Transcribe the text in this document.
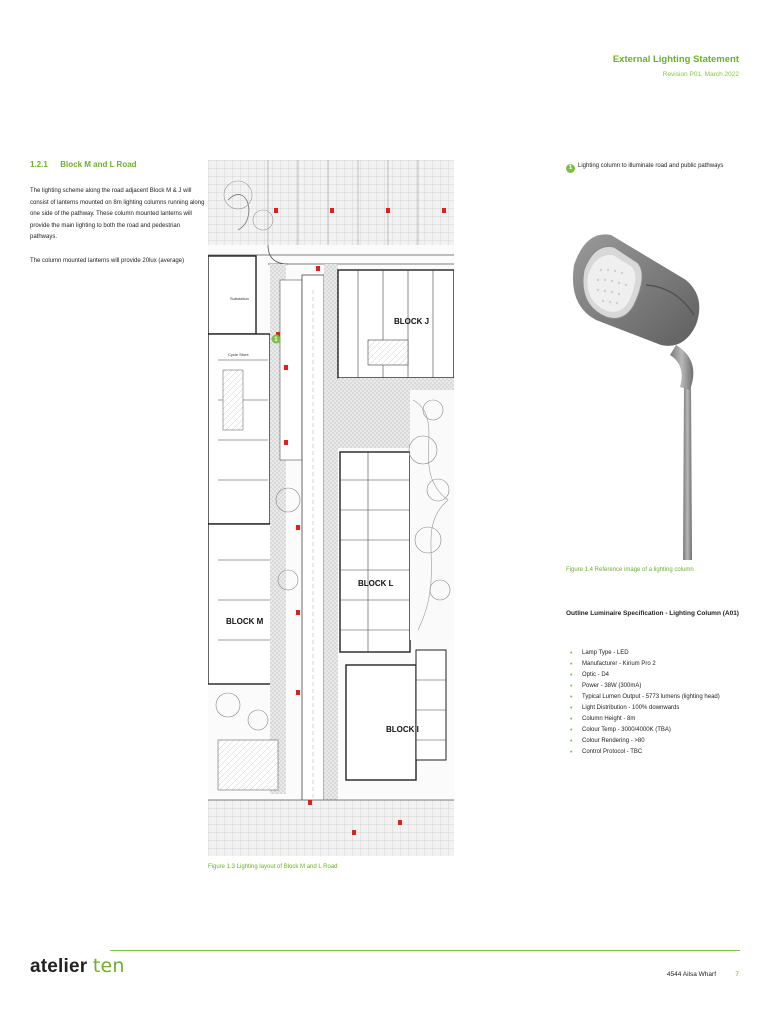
External Lighting Statement
Revision P01, March 2022
1.2.1 Block M and L Road

The lighting scheme along the road adjacent Block M & J will consist of lanterns mounted on 8m lighting columns running along one side of the pathway. These column mounted lanterns will provide the main lighting to both the road and pedestrian pathways.

The column mounted lanterns will provide 20lux (average)

BLOCK M
BLOCK L
BLOCK I
BLOCK J
Cycle Store
Substation
1
Figure 1.3 Lighting layout of Block M and L Road
1 Lighting column to illuminate road and public pathways
Figure 1.4 Reference image of a lighting column
Outline Luminaire Specification - Lighting Column (A01)
• Lamp Type - LED
• Manufacturer - Kirium Pro 2
• Optic - D4
• Power - 38W (300mA)
• Typical Lumen Output - 5773 lumens (lighting head)
• Light Distribution - 100% downwards
• Column Height - 8m
• Colour Temp - 3000/4000K (TBA)
• Colour Rendering - >80
• Control Protocol - TBC
atelier ten	4544 Ailsa Wharf	7
